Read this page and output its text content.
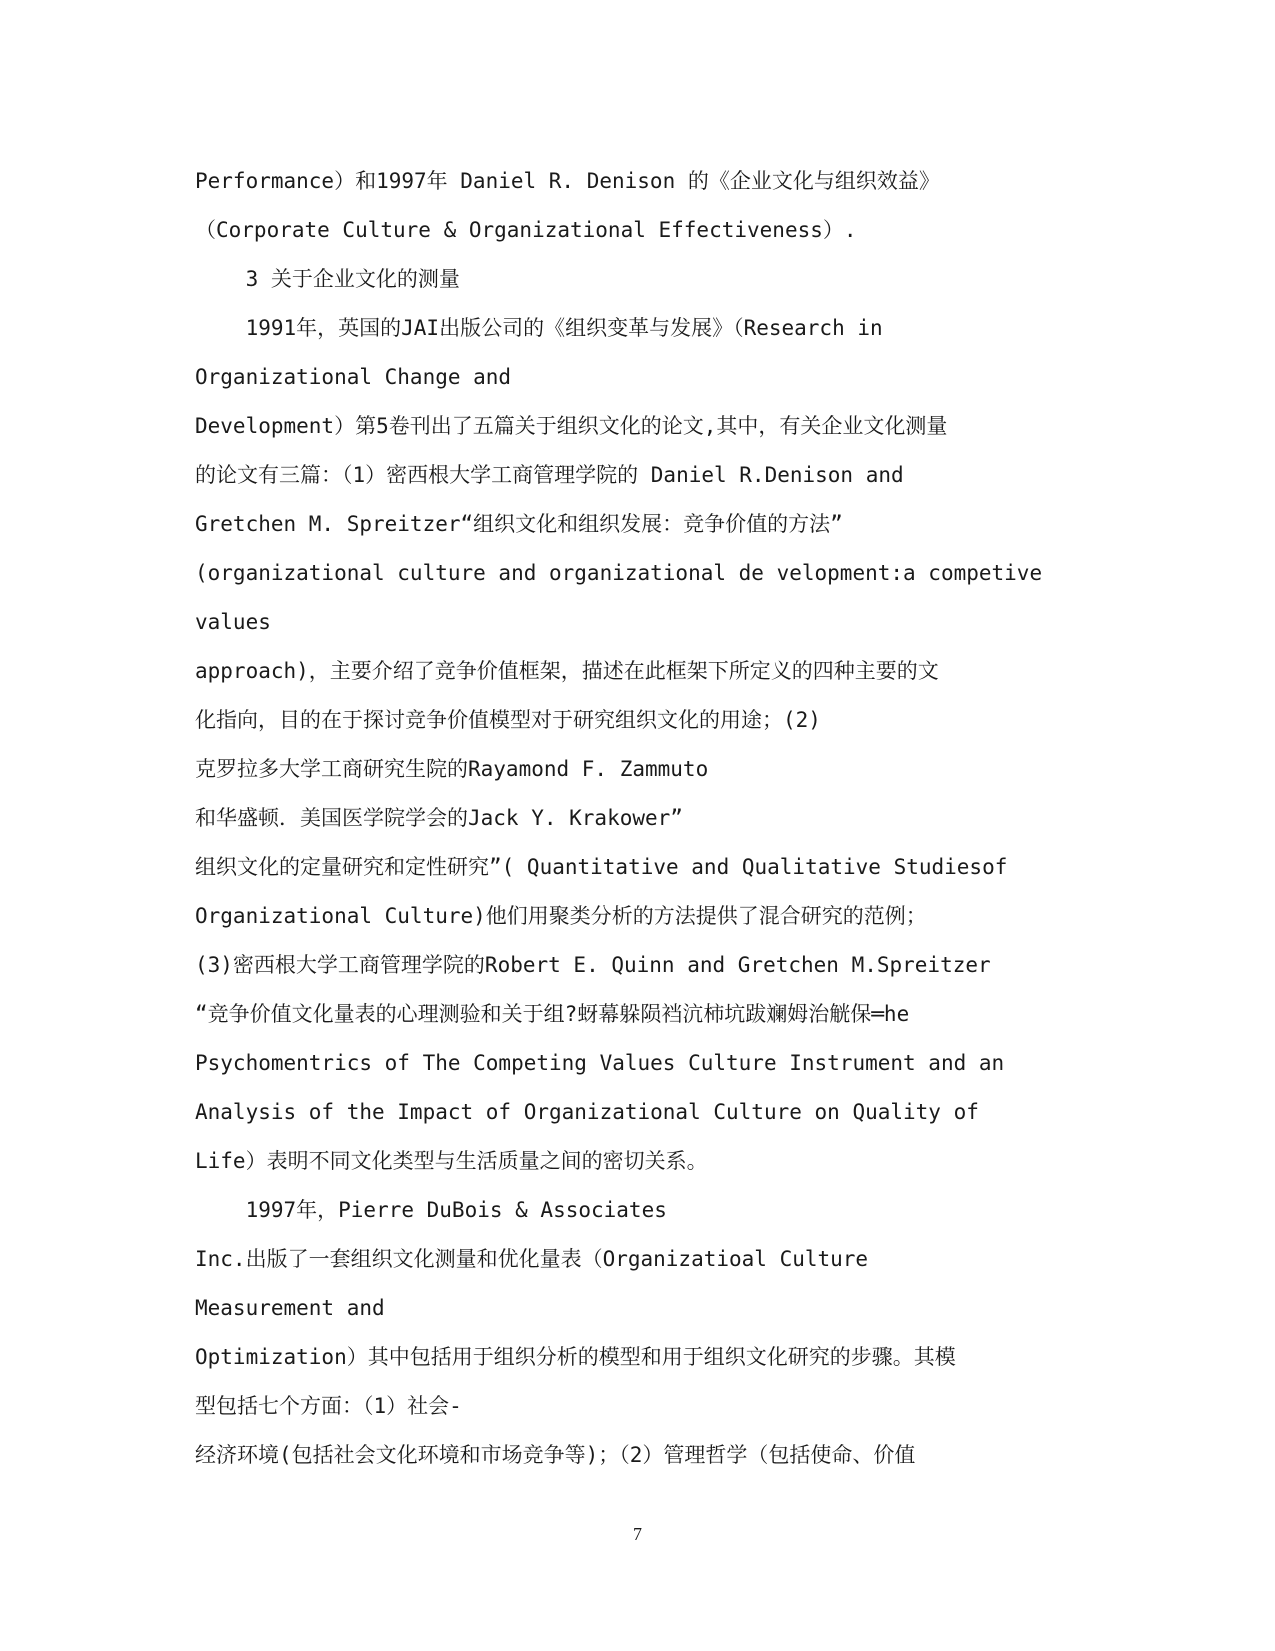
Performance）和1997年 Daniel R. Denison 的《企业文化与组织效益》
（Corporate Culture & Organizational Effectiveness）.
3 关于企业文化的测量
1991年，英国的JAI出版公司的《组织变革与发展》（Research in
Organizational Change and
Development）第5卷刊出了五篇关于组织文化的论文,其中，有关企业文化测量
的论文有三篇：（1）密西根大学工商管理学院的 Daniel R.Denison and
Gretchen M. Spreitzer“组织文化和组织发展：竞争价值的方法”
(organizational culture and organizational de velopment:a competive
values
approach)，主要介绍了竞争价值框架，描述在此框架下所定义的四种主要的文
化指向，目的在于探讨竞争价值模型对于研究组织文化的用途；(2)
克罗拉多大学工商研究生院的Rayamond F. Zammuto
和华盛顿．美国医学院学会的Jack Y. Krakower”
组织文化的定量研究和定性研究”( Quantitative and Qualitative Studiesof
Organizational Culture)他们用聚类分析的方法提供了混合研究的范例；
(3)密西根大学工商管理学院的Robert E. Quinn and Gretchen M.Spreitzer
“竞争价值文化量表的心理测验和关于组?蚜幕躲陨裆沆柿坑跋斓姆治觥保═he
Psychomentrics of The Competing Values Culture Instrument and an
Analysis of the Impact of Organizational Culture on Quality of
Life）表明不同文化类型与生活质量之间的密切关系。
1997年，Pierre DuBois & Associates
Inc.出版了一套组织文化测量和优化量表（Organizatioal Culture
Measurement and
Optimization）其中包括用于组织分析的模型和用于组织文化研究的步骤。其模
型包括七个方面：（1）社会-
经济环境(包括社会文化环境和市场竞争等)；（2）管理哲学（包括使命、价值
7
